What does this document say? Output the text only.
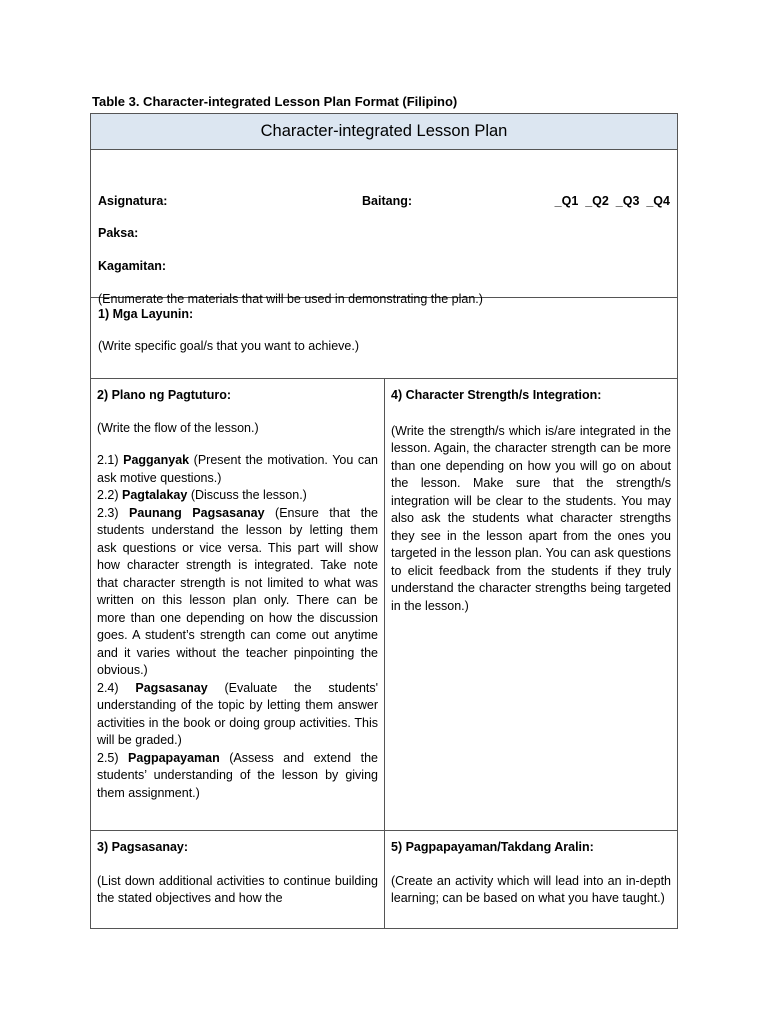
Table 3. Character-integrated Lesson Plan Format (Filipino)
Character-integrated Lesson Plan
Asignatura:	Baitang:	_Q1  _Q2  _Q3  _Q4
Paksa:
Kagamitan:
(Enumerate the materials that will be used in demonstrating the plan.)
1) Mga Layunin:
(Write specific goal/s that you want to achieve.)
2) Plano ng Pagtuturo:

(Write the flow of the lesson.)

2.1) Pagganyak (Present the motivation. You can ask motive questions.)

2.2) Pagtalakay (Discuss the lesson.)

2.3) Paunang Pagsasanay (Ensure that the students understand the lesson by letting them ask questions or vice versa. This part will show how character strength is integrated. Take note that character strength is not limited to what was written on this lesson plan only. There can be more than one depending on how the discussion goes. A student’s strength can come out anytime and it varies without the teacher pinpointing the obvious.)

2.4) Pagsasanay (Evaluate the students' understanding of the topic by letting them answer activities in the book or doing group activities. This will be graded.)

2.5) Pagpapayaman (Assess and extend the students’ understanding of the lesson by giving them assignment.)

4) Character Strength/s Integration:

(Write the strength/s which is/are integrated in the lesson. Again, the character strength can be more than one depending on how you will go on about the lesson. Make sure that the strength/s integration will be clear to the students. You may also ask the students what character strengths they see in the lesson apart from the ones you targeted in the lesson plan. You can ask questions to elicit feedback from the students if they truly understand the character strengths being targeted in the lesson.)

3) Pagsasanay:

(List down additional activities to continue building the stated objectives and how the

5) Pagpapayaman/Takdang Aralin:

(Create an activity which will lead into an in-depth learning; can be based on what you have taught.)
